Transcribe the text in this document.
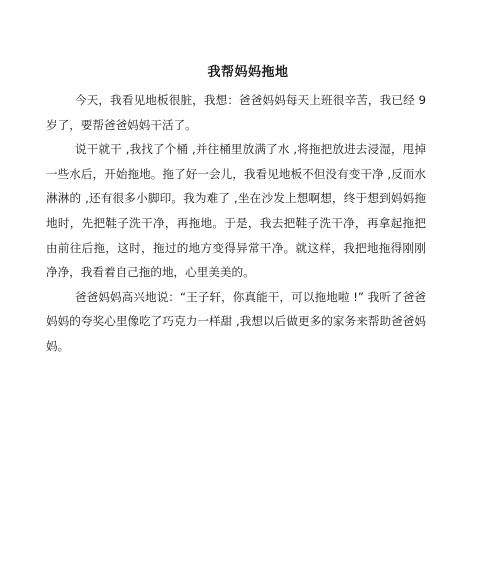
我帮妈妈拖地

今天，我看见地板很脏，我想：爸爸妈妈每天上班很辛苦，我已经 9 岁了，要帮爸爸妈妈干活了。

说干就干 ,我找了个桶 ,并往桶里放满了水 ,将拖把放进去浸湿，甩掉一些水后，开始拖地。拖了好一会儿，我看见地板不但没有变干净 ,反而水淋淋的 ,还有很多小脚印。我为难了 ,坐在沙发上想啊想，终于想到妈妈拖地时，先把鞋子洗干净，再拖地。于是，我去把鞋子洗干净，再拿起拖把由前往后拖，这时，拖过的地方变得异常干净。就这样，我把地拖得刚刚净净，我看着自己拖的地，心里美美的。

爸爸妈妈高兴地说：“王子轩，你真能干，可以拖地啦 !” 我听了爸爸妈妈的夸奖心里像吃了巧克力一样甜 ,我想以后做更多的家务来帮助爸爸妈妈。
